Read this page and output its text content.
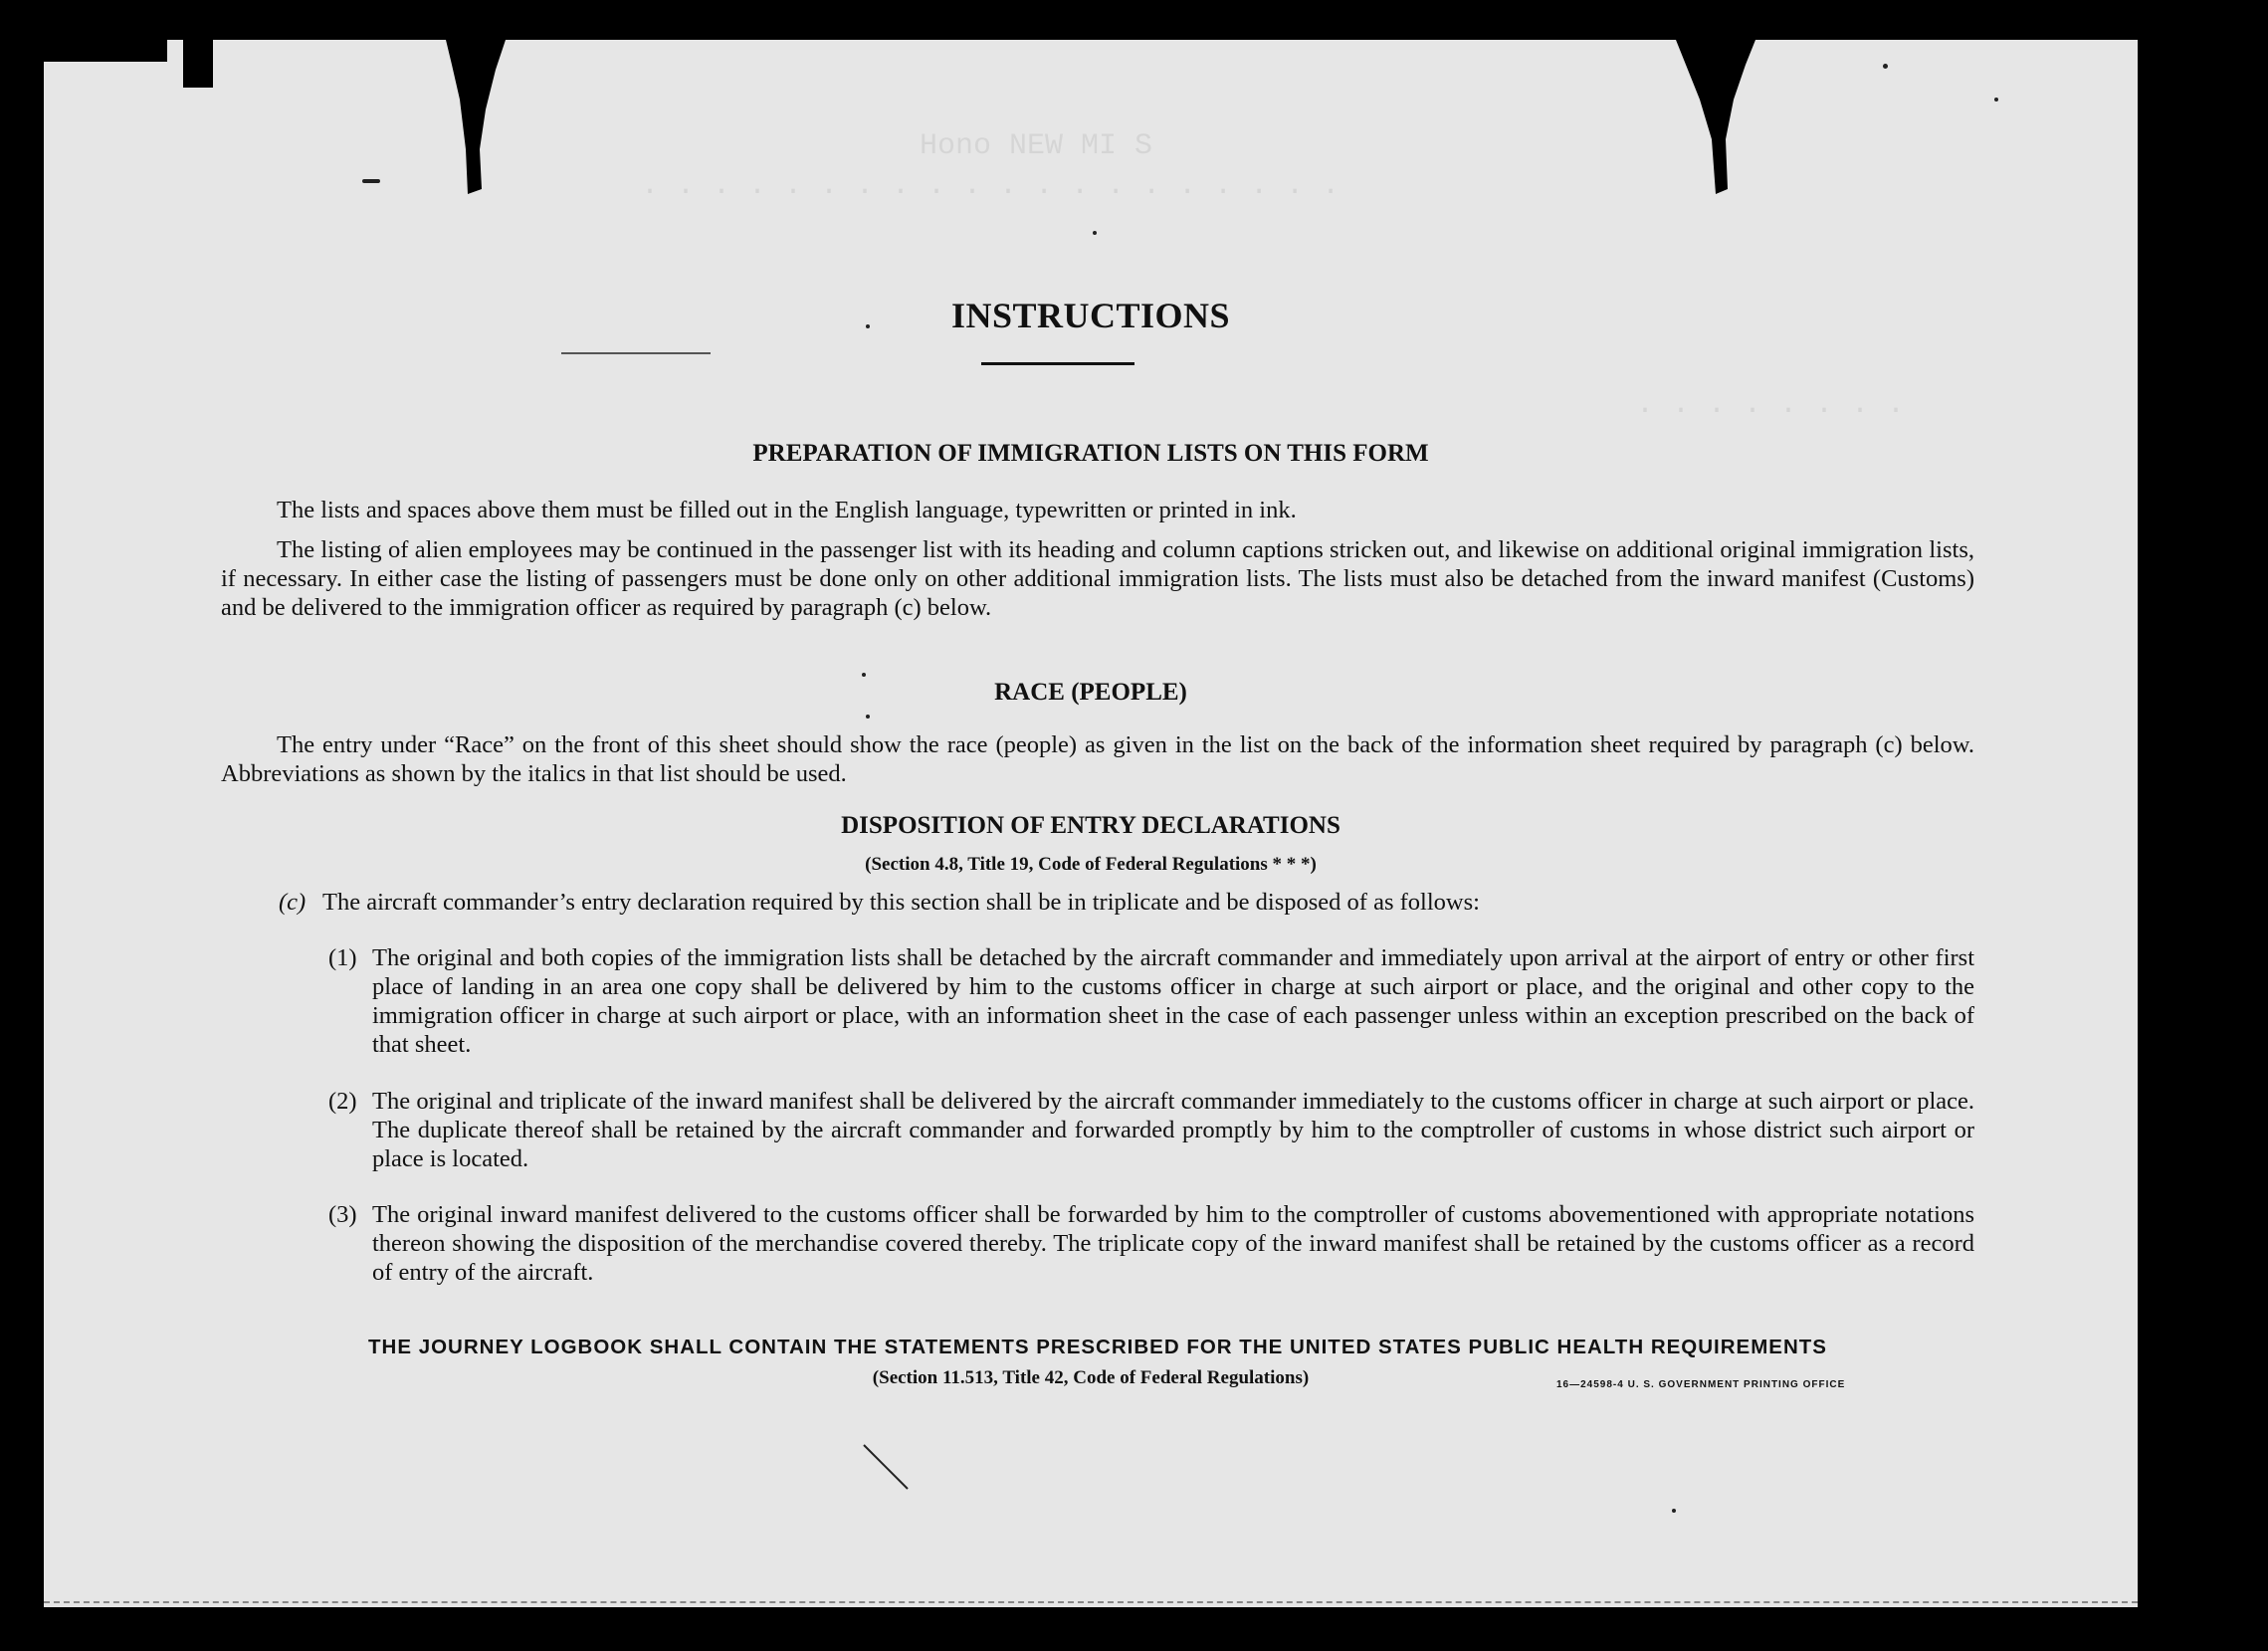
Hono NEW MI S
. . . . . . . . . . . . . . . . . . . .
. . . . . . . .
INSTRUCTIONS
PREPARATION OF IMMIGRATION LISTS ON THIS FORM

The lists and spaces above them must be filled out in the English language, typewritten or printed in ink.

The listing of alien employees may be continued in the passenger list with its heading and column captions stricken out, and likewise on additional original immigration lists, if necessary. In either case the listing of passengers must be done only on other additional immigration lists. The lists must also be detached from the inward manifest (Customs) and be delivered to the immigration officer as required by paragraph (c) below.

RACE (PEOPLE)

The entry under “Race” on the front of this sheet should show the race (people) as given in the list on the back of the information sheet required by paragraph (c) below. Abbreviations as shown by the italics in that list should be used.

DISPOSITION OF ENTRY DECLARATIONS
(Section 4.8, Title 19, Code of Federal Regulations * * *)

(c) The aircraft commander’s entry declaration required by this section shall be in triplicate and be disposed of as follows:

(1) The original and both copies of the immigration lists shall be detached by the aircraft commander and immediately upon arrival at the airport of entry or other first place of landing in an area one copy shall be delivered by him to the customs officer in charge at such airport or place, and the original and other copy to the immigration officer in charge at such airport or place, with an information sheet in the case of each passenger unless within an exception prescribed on the back of that sheet.

(2) The original and triplicate of the inward manifest shall be delivered by the aircraft commander immediately to the customs officer in charge at such airport or place. The duplicate thereof shall be retained by the aircraft commander and forwarded promptly by him to the comptroller of customs in whose district such airport or place is located.

(3) The original inward manifest delivered to the customs officer shall be forwarded by him to the comptroller of customs abovementioned with appropriate notations thereon showing the disposition of the merchandise covered thereby. The triplicate copy of the inward manifest shall be retained by the customs officer as a record of entry of the aircraft.

THE JOURNEY LOGBOOK SHALL CONTAIN THE STATEMENTS PRESCRIBED FOR THE UNITED STATES PUBLIC HEALTH REQUIREMENTS
(Section 11.513, Title 42, Code of Federal Regulations)	16—24598‑4 U. S. GOVERNMENT PRINTING OFFICE
